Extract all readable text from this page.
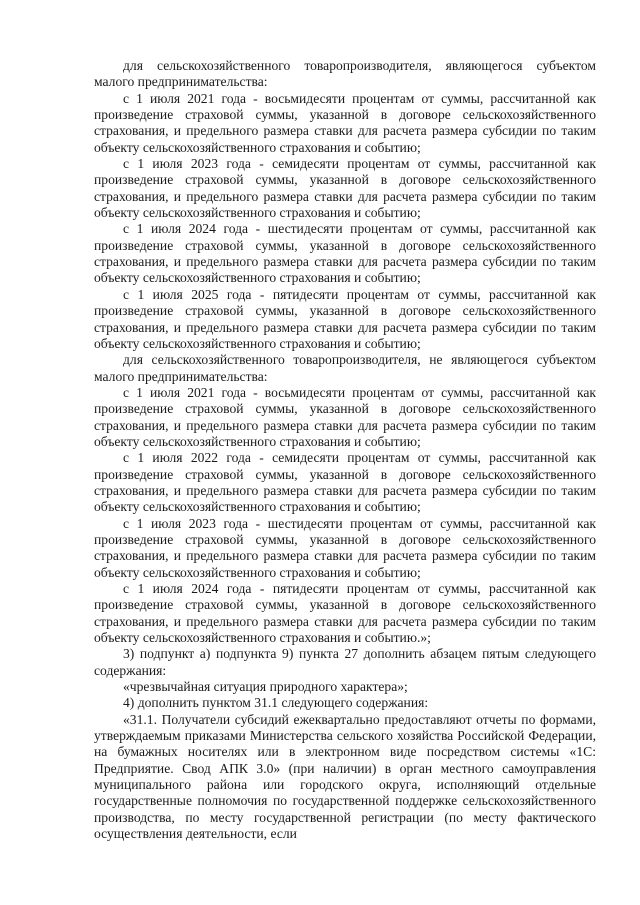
для сельскохозяйственного товаропроизводителя, являющегося субъектом малого предпринимательства:

с 1 июля 2021 года - восьмидесяти процентам от суммы, рассчитанной как произведение страховой суммы, указанной в договоре сельскохозяйственного страхования, и предельного размера ставки для расчета размера субсидии по таким объекту сельскохозяйственного страхования и событию;

с 1 июля 2023 года - семидесяти процентам от суммы, рассчитанной как произведение страховой суммы, указанной в договоре сельскохозяйственного страхования, и предельного размера ставки для расчета размера субсидии по таким объекту сельскохозяйственного страхования и событию;

с 1 июля 2024 года - шестидесяти процентам от суммы, рассчитанной как произведение страховой суммы, указанной в договоре сельскохозяйственного страхования, и предельного размера ставки для расчета размера субсидии по таким объекту сельскохозяйственного страхования и событию;

с 1 июля 2025 года - пятидесяти процентам от суммы, рассчитанной как произведение страховой суммы, указанной в договоре сельскохозяйственного страхования, и предельного размера ставки для расчета размера субсидии по таким объекту сельскохозяйственного страхования и событию;

для сельскохозяйственного товаропроизводителя, не являющегося субъектом малого предпринимательства:

с 1 июля 2021 года - восьмидесяти процентам от суммы, рассчитанной как произведение страховой суммы, указанной в договоре сельскохозяйственного страхования, и предельного размера ставки для расчета размера субсидии по таким объекту сельскохозяйственного страхования и событию;

с 1 июля 2022 года - семидесяти процентам от суммы, рассчитанной как произведение страховой суммы, указанной в договоре сельскохозяйственного страхования, и предельного размера ставки для расчета размера субсидии по таким объекту сельскохозяйственного страхования и событию;

с 1 июля 2023 года - шестидесяти процентам от суммы, рассчитанной как произведение страховой суммы, указанной в договоре сельскохозяйственного страхования, и предельного размера ставки для расчета размера субсидии по таким объекту сельскохозяйственного страхования и событию;

с 1 июля 2024 года - пятидесяти процентам от суммы, рассчитанной как произведение страховой суммы, указанной в договоре сельскохозяйственного страхования, и предельного размера ставки для расчета размера субсидии по таким объекту сельскохозяйственного страхования и событию.»;

3) подпункт а) подпункта 9) пункта 27 дополнить абзацем пятым следующего содержания:

«чрезвычайная ситуация природного характера»;

4) дополнить пунктом 31.1 следующего содержания:

«31.1. Получатели субсидий ежеквартально предоставляют отчеты по формами, утверждаемым приказами Министерства сельского хозяйства Российской Федерации, на бумажных носителях или в электронном виде посредством системы «1С: Предприятие. Свод АПК 3.0» (при наличии) в орган местного самоуправления муниципального района или городского округа, исполняющий отдельные государственные полномочия по государственной поддержке сельскохозяйственного производства, по месту государственной регистрации (по месту фактического осуществления деятельности, если
